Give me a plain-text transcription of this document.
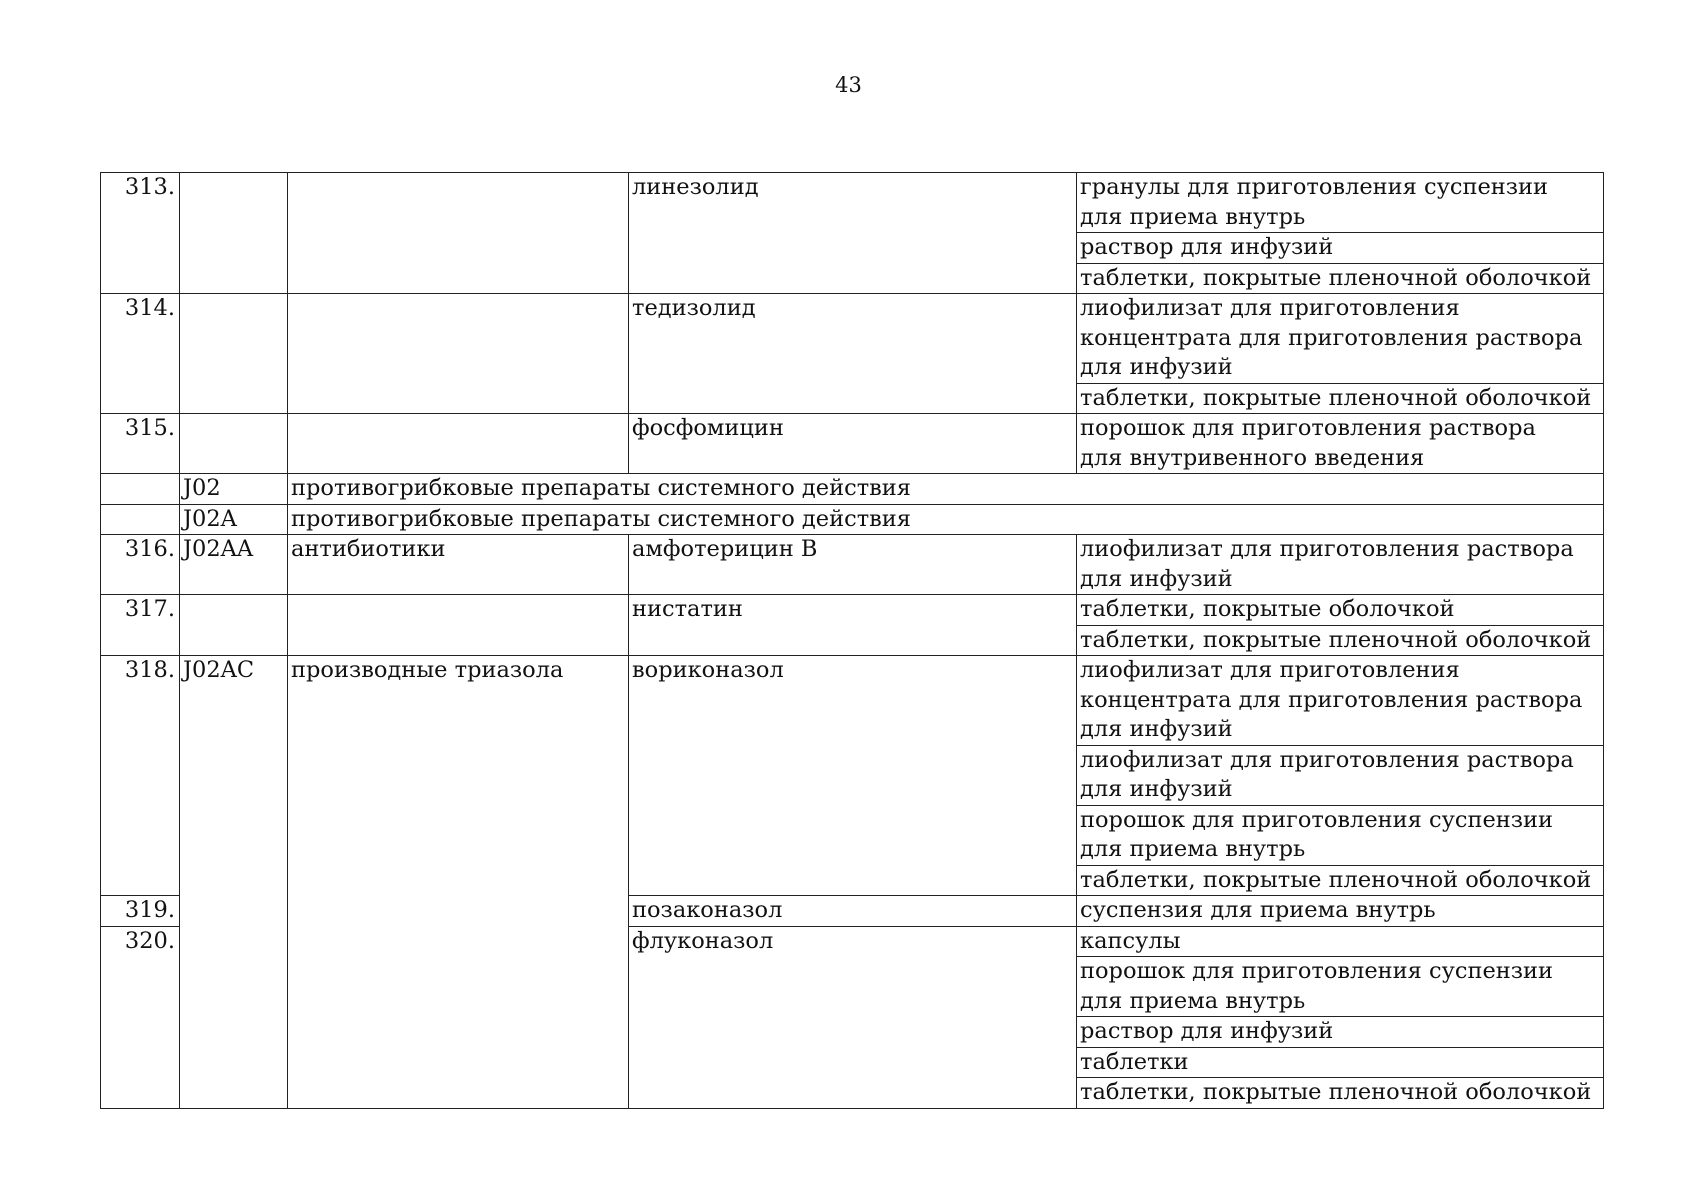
43
313.			линезолид	гранулы для приготовления суспензии
для приема внутрь

				раствор для инфузий

				таблетки, покрытые пленочной оболочкой

314.			тедизолид	лиофилизат для приготовления
концентрата для приготовления раствора
для инфузий

				таблетки, покрытые пленочной оболочкой

315.			фосфомицин	порошок для приготовления раствора
для внутривенного введения

	J02	противогрибковые препараты системного действия		
	J02A	противогрибковые препараты системного действия		
316.	J02AA	антибиотики	амфотерицин B	лиофилизат для приготовления раствора
для инфузий

317.			нистатин	таблетки, покрытые оболочкой

				таблетки, покрытые пленочной оболочкой

318.	J02AC	производные триазола	вориконазол	лиофилизат для приготовления
концентрата для приготовления раствора
для инфузий

				лиофилизат для приготовления раствора
для инфузий

				порошок для приготовления суспензии
для приема внутрь

				таблетки, покрытые пленочной оболочкой

319.			позаконазол	суспензия для приема внутрь

320.			флуконазол	капсулы

				порошок для приготовления суспензии
для приема внутрь

				раствор для инфузий

				таблетки

				таблетки, покрытые пленочной оболочкой
